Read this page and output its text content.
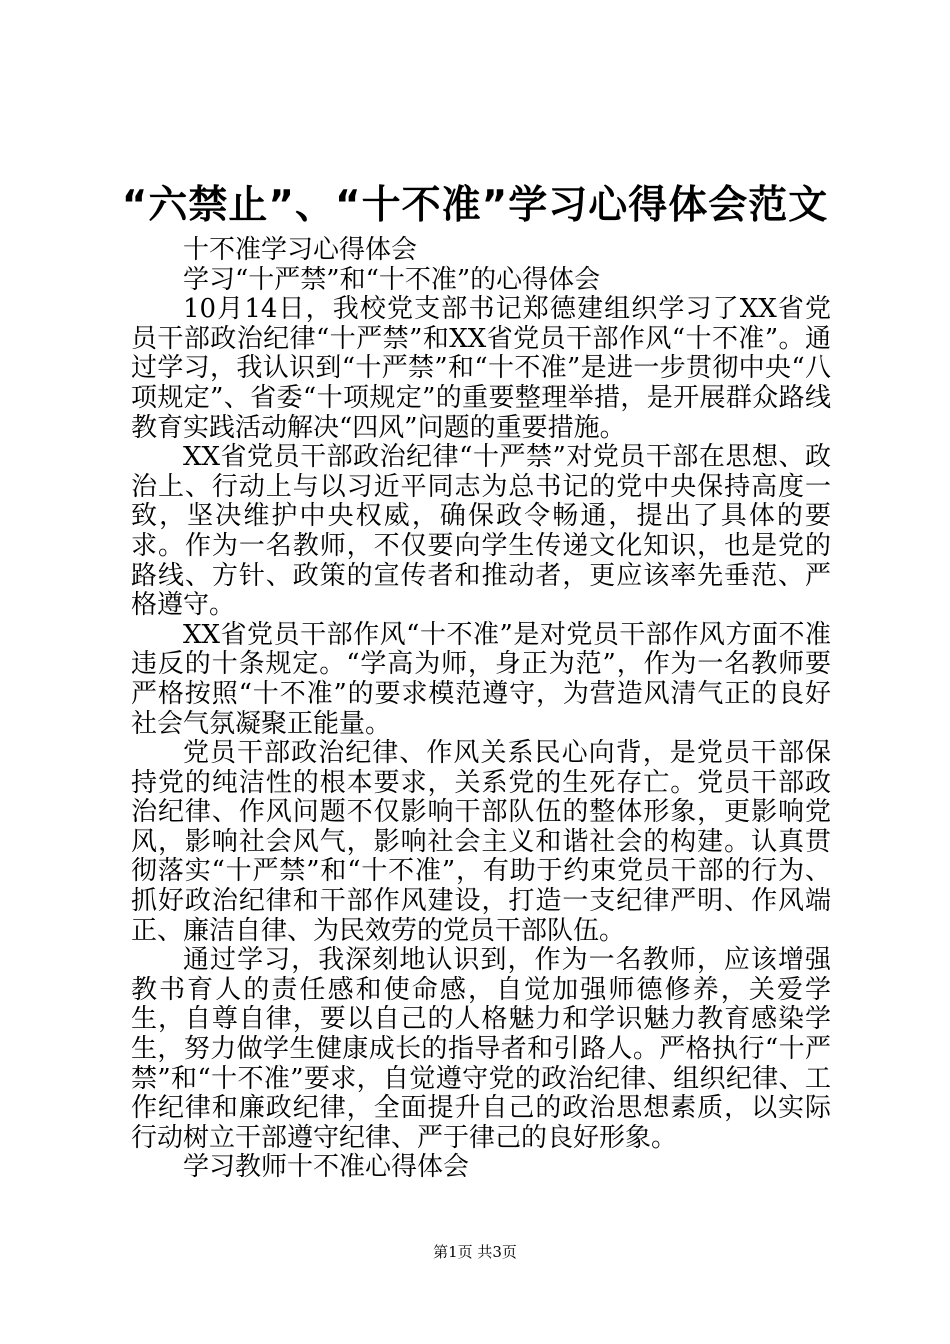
“六禁止”、“十不准”学习心得体会范文

十不准学习心得体会

学习“十严禁”和“十不准”的心得体会

10月14日，我校党支部书记郑德建组织学习了XX省党员干部政治纪律“十严禁”和XX省党员干部作风“十不准”。通过学习，我认识到“十严禁”和“十不准”是进一步贯彻中央“八项规定”、省委“十项规定”的重要整理举措，是开展群众路线教育实践活动解决“四风”问题的重要措施。

XX省党员干部政治纪律“十严禁”对党员干部在思想、政治上、行动上与以习近平同志为总书记的党中央保持高度一致，坚决维护中央权威，确保政令畅通，提出了具体的要求。作为一名教师，不仅要向学生传递文化知识，也是党的路线、方针、政策的宣传者和推动者，更应该率先垂范、严格遵守。

XX省党员干部作风“十不准”是对党员干部作风方面不准违反的十条规定。“学高为师，身正为范”，作为一名教师要严格按照“十不准”的要求模范遵守，为营造风清气正的良好社会气氛凝聚正能量。

党员干部政治纪律、作风关系民心向背，是党员干部保持党的纯洁性的根本要求，关系党的生死存亡。党员干部政治纪律、作风问题不仅影响干部队伍的整体形象，更影响党风，影响社会风气，影响社会主义和谐社会的构建。认真贯彻落实“十严禁”和“十不准”，有助于约束党员干部的行为、抓好政治纪律和干部作风建设，打造一支纪律严明、作风端正、廉洁自律、为民效劳的党员干部队伍。

通过学习，我深刻地认识到，作为一名教师，应该增强教书育人的责任感和使命感，自觉加强师德修养，关爱学生，自尊自律，要以自己的人格魅力和学识魅力教育感染学生，努力做学生健康成长的指导者和引路人。严格执行“十严禁”和“十不准”要求，自觉遵守党的政治纪律、组织纪律、工作纪律和廉政纪律，全面提升自己的政治思想素质，以实际行动树立干部遵守纪律、严于律己的良好形象。

学习教师十不准心得体会

第1页 共3页
